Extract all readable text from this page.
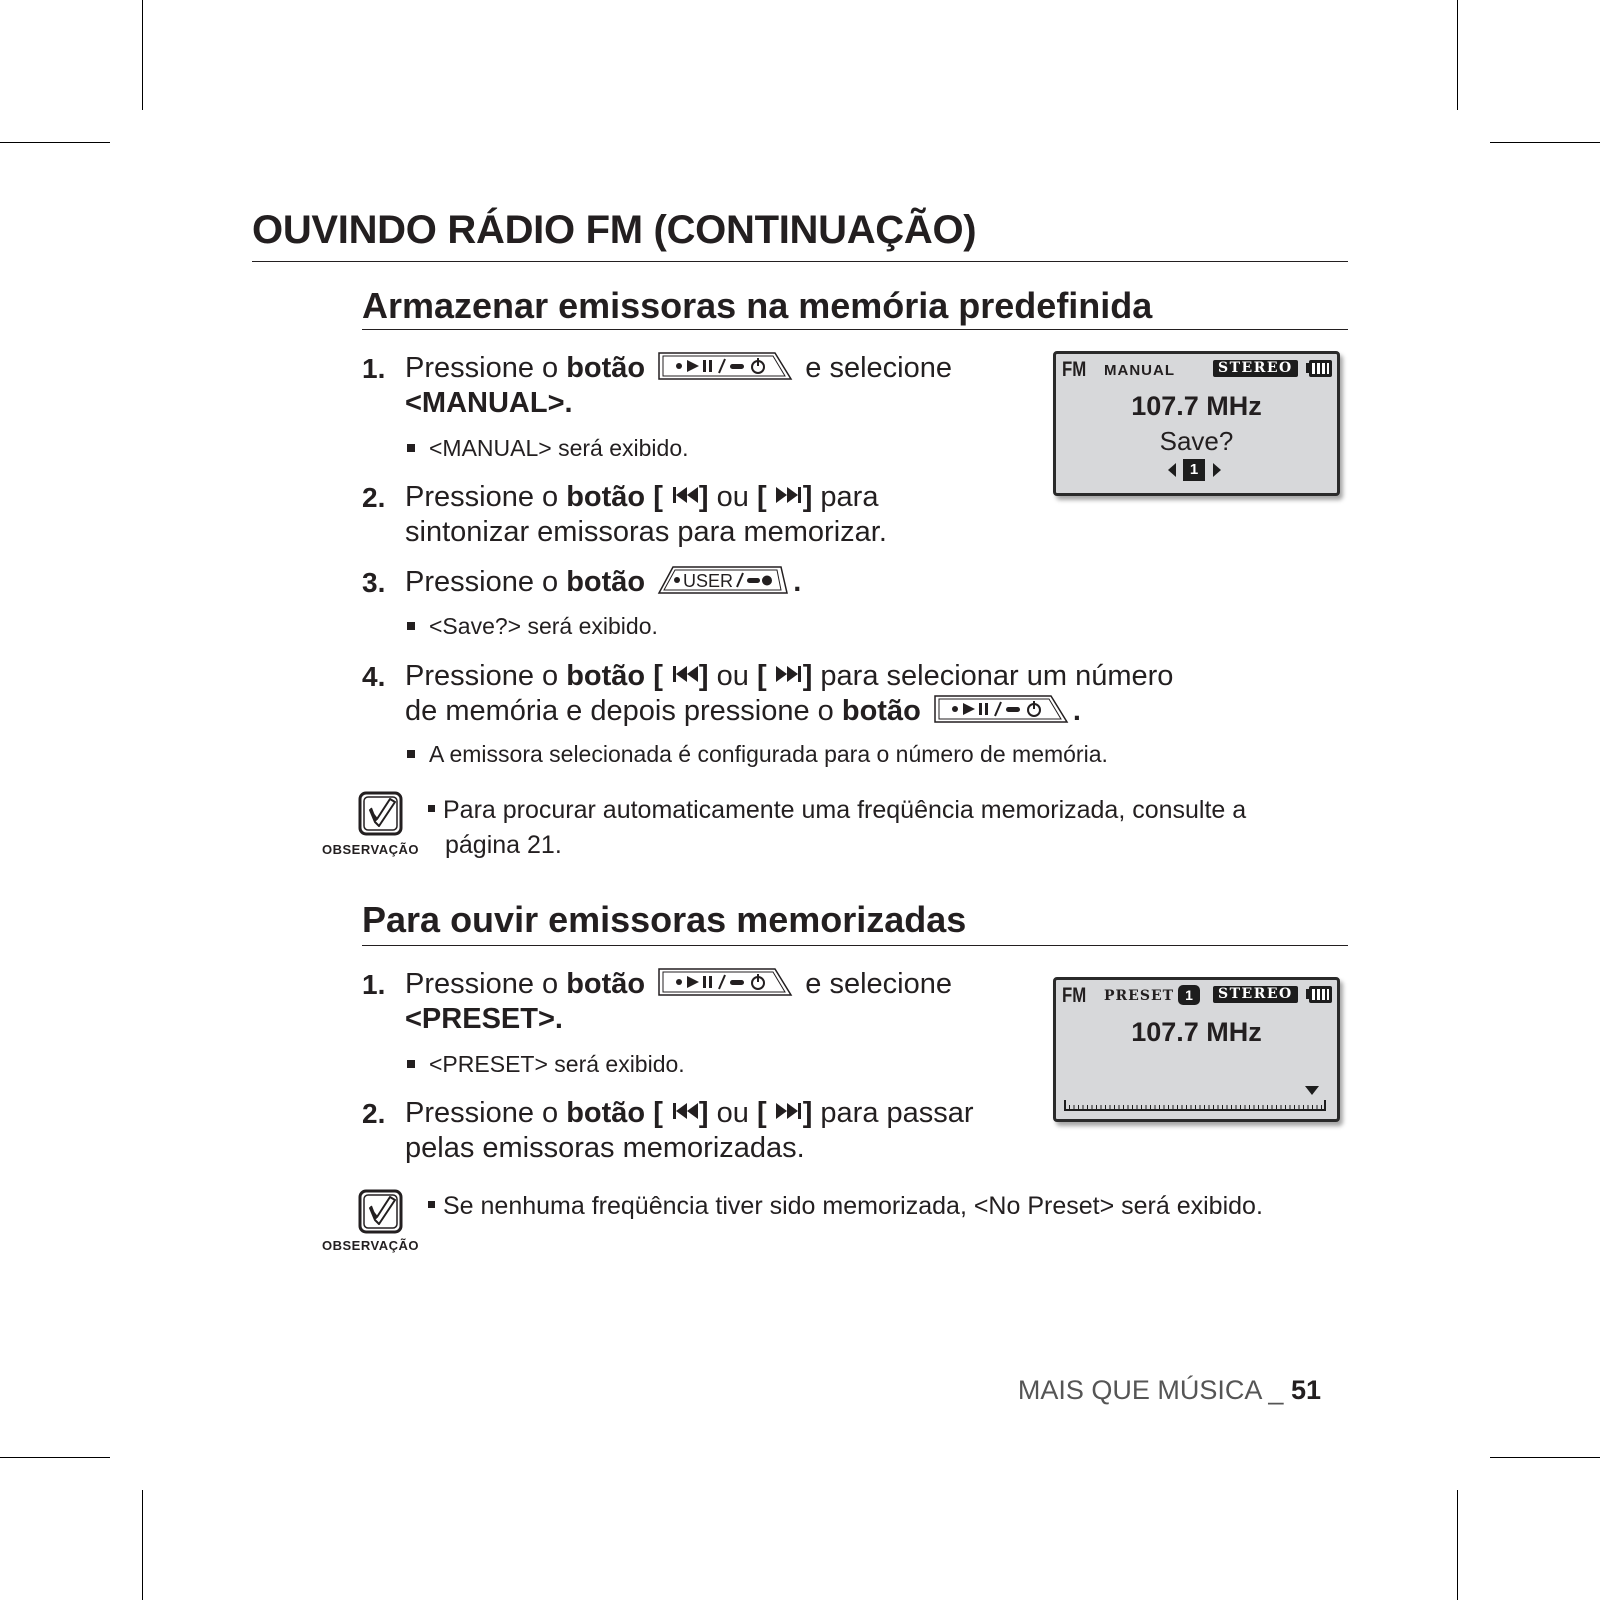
OUVINDO RÁDIO FM (CONTINUAÇÃO)
Armazenar emissoras na memória predefinida
1. Pressione o botão	e selecione
<MANUAL>.
<MANUAL> será exibido.
2. Pressione o botão [ ] ou [ ] para
sintonizar emissoras para memorizar.
3. Pressione o botão USER .
<Save?> será exibido.
4. Pressione o botão [ ] ou [ ] para selecionar um número
de memória e depois pressione o botão	.
A emissora selecionada é configurada para o número de memória.
OBSERVAÇÃO
Para procurar automaticamente uma freqüência memorizada, consulte a
página 21.
FM MANUAL	STEREO
107.7 MHz
Save?
1
Para ouvir emissoras memorizadas
1. Pressione o botão	e selecione
<PRESET>.
<PRESET> será exibido.
2. Pressione o botão [ ] ou [ ] para passar
pelas emissoras memorizadas.
OBSERVAÇÃO
Se nenhuma freqüência tiver sido memorizada, <No Preset> será exibido.
FM PRESET 1	STEREO
107.7 MHz
MAIS QUE MÚSICA _ 51
